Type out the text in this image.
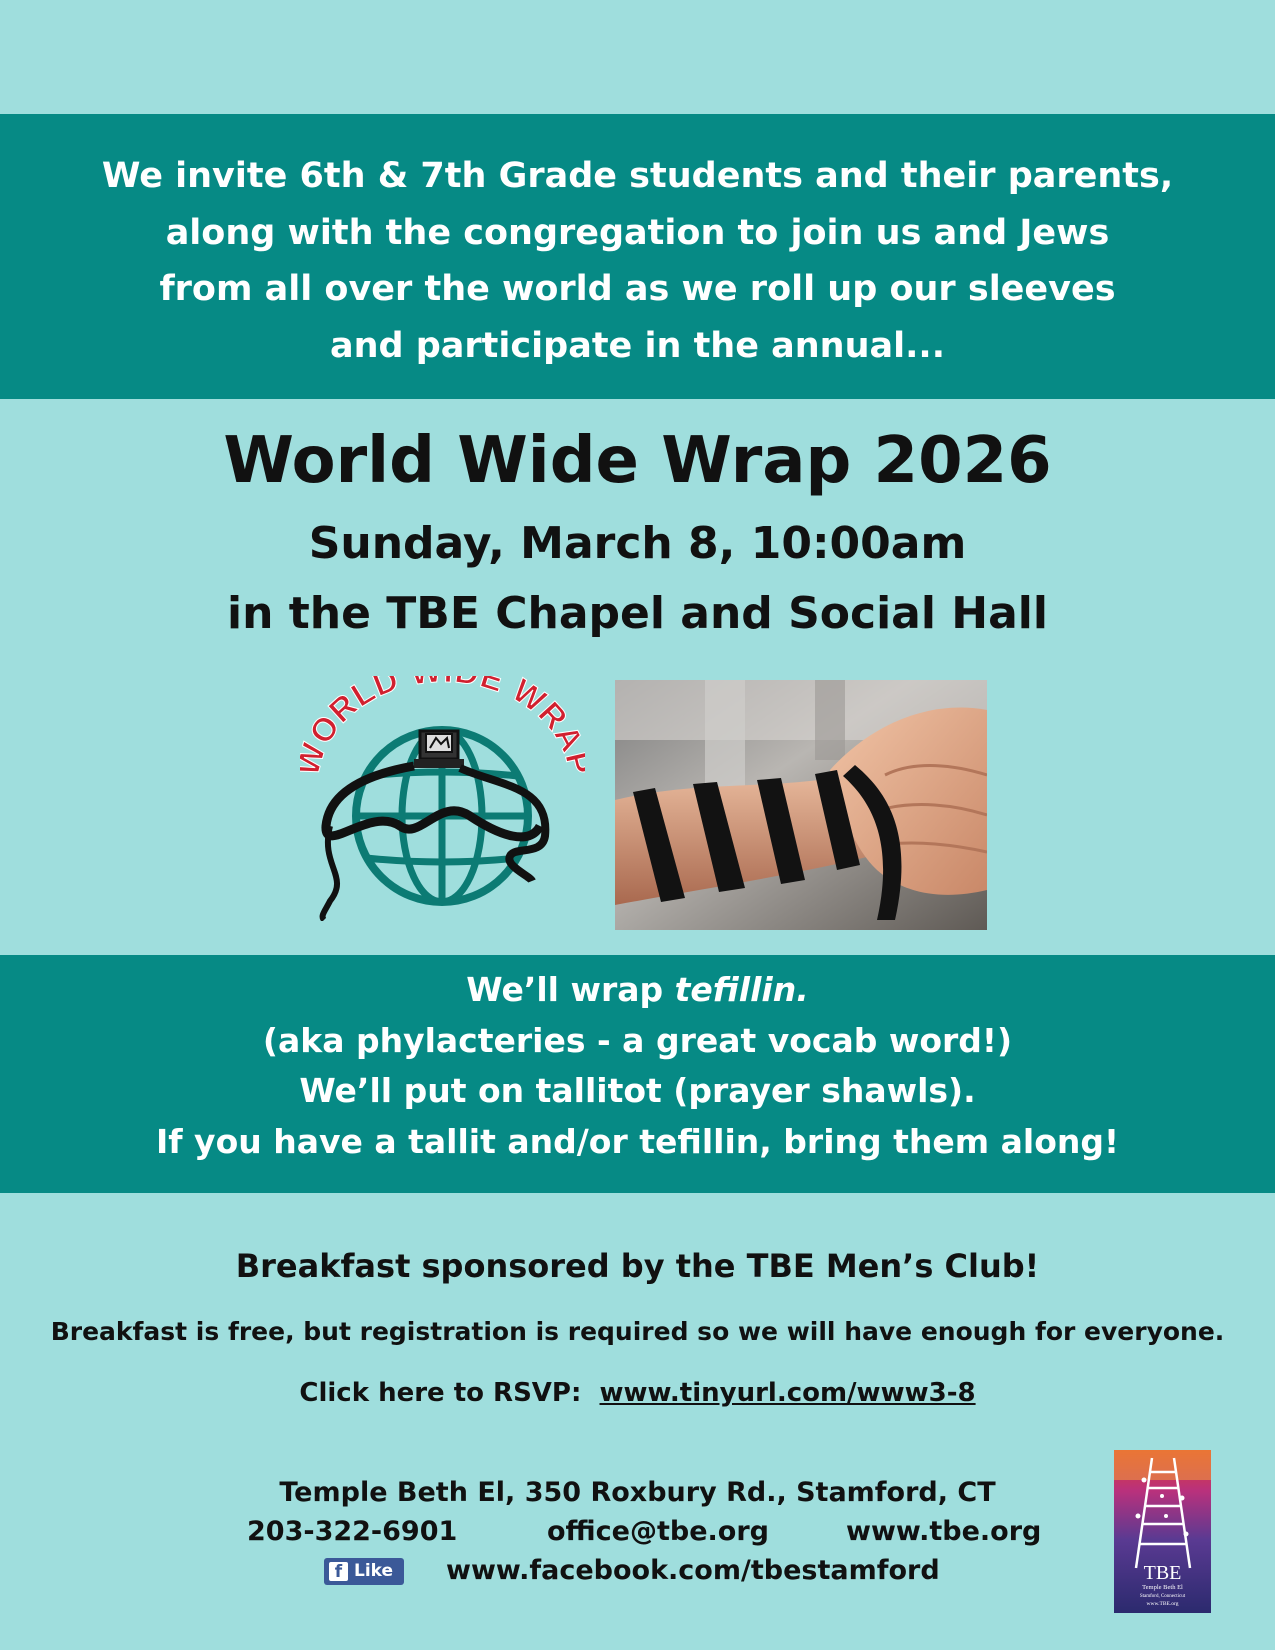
We invite 6th & 7th Grade students and their parents,
along with the congregation to join us and Jews
from all over the world as we roll up our sleeves
and participate in the annual...
World Wide Wrap 2026
Sunday, March 8, 10:00am
in the TBE Chapel and Social Hall
ORLD E WR
We’ll wrap tefillin.
(aka phylacteries - a great vocab word!)
We’ll put on tallitot (prayer shawls).
If you have a tallit and/or tefillin, bring them along!
Breakfast sponsored by the TBE Men’s Club!
Breakfast is free, but registration is required so we will have enough for everyone.
Click here to RSVP: www.tinyurl.com/www3-8
Temple Beth El, 350 Roxbury Rd., Stamford, CT
203-322-6901	office@tbe.org	www.tbe.org
f Like www.facebook.com/tbestamford	TBE
Temple Beth El
Stamford, Connecticut
www.TBE.org
